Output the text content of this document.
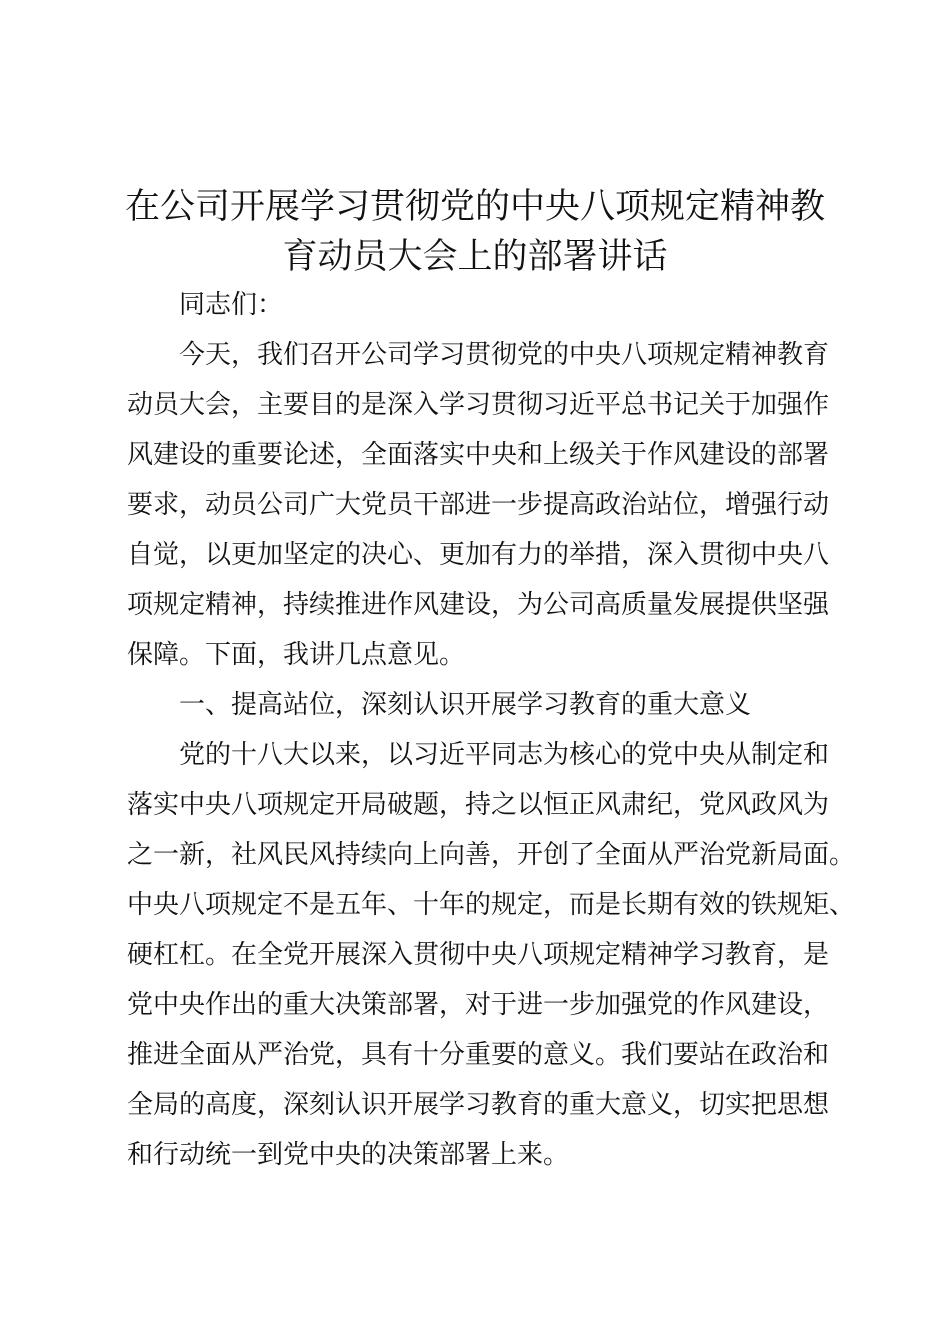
在公司开展学习贯彻党的中央八项规定精神教
育动员大会上的部署讲话

同志们：

今天，我们召开公司学习贯彻党的中央八项规定精神教育

动员大会，主要目的是深入学习贯彻习近平总书记关于加强作

风建设的重要论述，全面落实中央和上级关于作风建设的部署

要求，动员公司广大党员干部进一步提高政治站位，增强行动

自觉，以更加坚定的决心、更加有力的举措，深入贯彻中央八

项规定精神，持续推进作风建设，为公司高质量发展提供坚强

保障。下面，我讲几点意见。

一、提高站位，深刻认识开展学习教育的重大意义

党的十八大以来，以习近平同志为核心的党中央从制定和

落实中央八项规定开局破题，持之以恒正风肃纪，党风政风为

之一新，社风民风持续向上向善，开创了全面从严治党新局面。

中央八项规定不是五年、十年的规定，而是长期有效的铁规矩、

硬杠杠。在全党开展深入贯彻中央八项规定精神学习教育，是

党中央作出的重大决策部署，对于进一步加强党的作风建设，

推进全面从严治党，具有十分重要的意义。我们要站在政治和

全局的高度，深刻认识开展学习教育的重大意义，切实把思想

和行动统一到党中央的决策部署上来。
